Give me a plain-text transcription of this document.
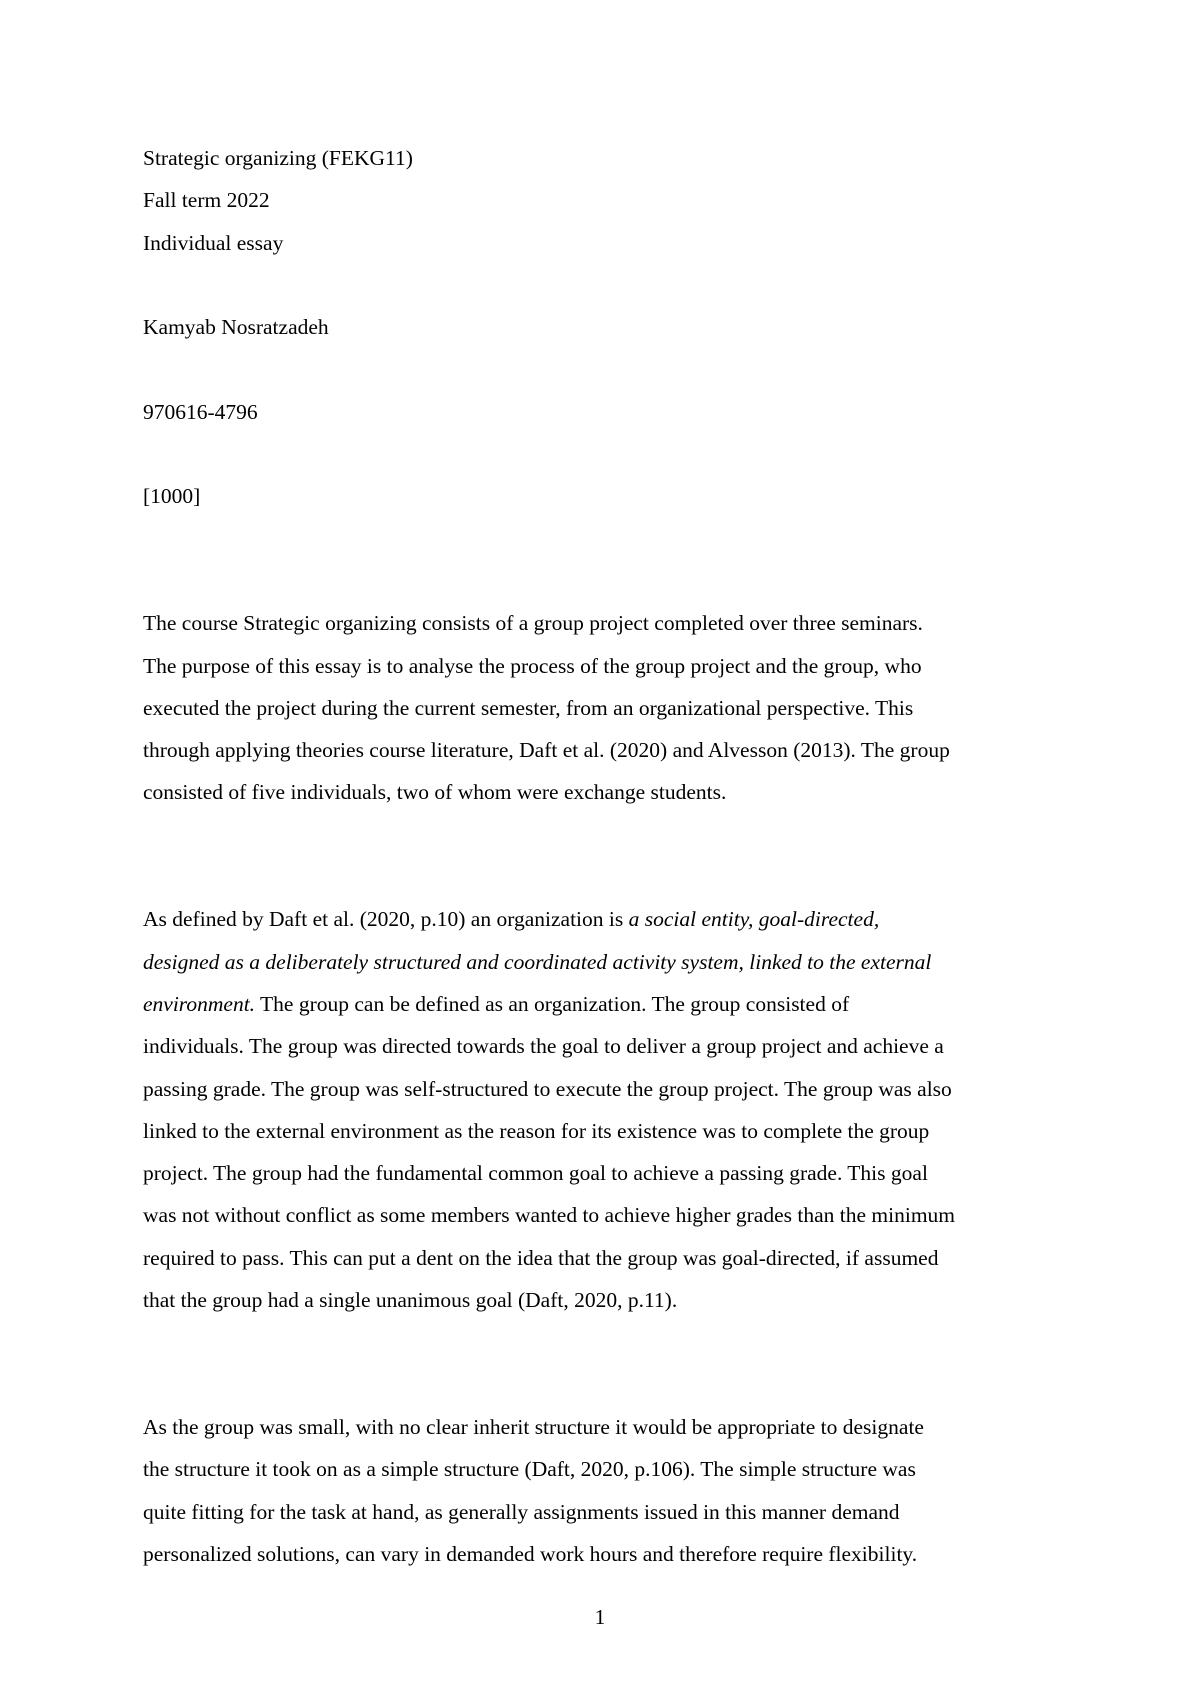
Strategic organizing (FEKG11)
Fall term 2022
Individual essay
Kamyab Nosratzadeh
970616-4796
[1000]
The course Strategic organizing consists of a group project completed over three seminars.
The purpose of this essay is to analyse the process of the group project and the group, who
executed the project during the current semester, from an organizational perspective. This
through applying theories course literature, Daft et al. (2020) and Alvesson (2013). The group
consisted of five individuals, two of whom were exchange students.
As defined by Daft et al. (2020, p.10) an organization is a social entity, goal-directed,
designed as a deliberately structured and coordinated activity system, linked to the external
environment. The group can be defined as an organization. The group consisted of
individuals. The group was directed towards the goal to deliver a group project and achieve a
passing grade. The group was self-structured to execute the group project. The group was also
linked to the external environment as the reason for its existence was to complete the group
project. The group had the fundamental common goal to achieve a passing grade. This goal
was not without conflict as some members wanted to achieve higher grades than the minimum
required to pass. This can put a dent on the idea that the group was goal-directed, if assumed
that the group had a single unanimous goal (Daft, 2020, p.11).
As the group was small, with no clear inherit structure it would be appropriate to designate
the structure it took on as a simple structure (Daft, 2020, p.106). The simple structure was
quite fitting for the task at hand, as generally assignments issued in this manner demand
personalized solutions, can vary in demanded work hours and therefore require flexibility.
1
